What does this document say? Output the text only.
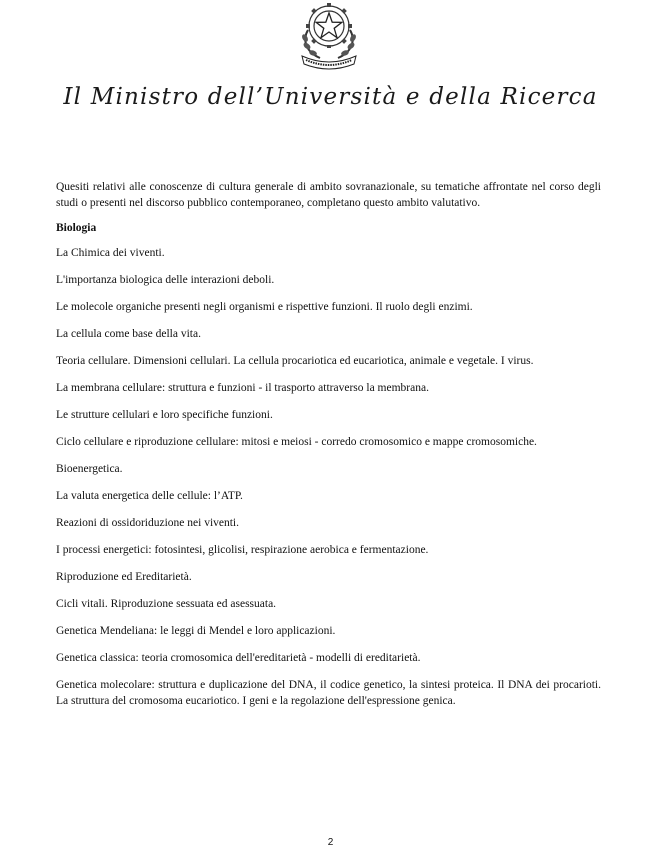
Il Ministro dell’Università e della Ricerca

Quesiti relativi alle conoscenze di cultura generale di ambito sovranazionale, su tematiche affrontate nel corso degli studi o presenti nel discorso pubblico contemporaneo, completano questo ambito valutativo.

Biologia

La Chimica dei viventi.

L'importanza biologica delle interazioni deboli.

Le molecole organiche presenti negli organismi e rispettive funzioni. Il ruolo degli enzimi.

La cellula come base della vita.

Teoria cellulare. Dimensioni cellulari. La cellula procariotica ed eucariotica, animale e vegetale. I virus.

La membrana cellulare: struttura e funzioni - il trasporto attraverso la membrana.

Le strutture cellulari e loro specifiche funzioni.

Ciclo cellulare e riproduzione cellulare: mitosi e meiosi - corredo cromosomico e mappe cromosomiche.

Bioenergetica.

La valuta energetica delle cellule: l’ATP.

Reazioni di ossidoriduzione nei viventi.

I processi energetici: fotosintesi, glicolisi, respirazione aerobica e fermentazione.

Riproduzione ed Ereditarietà.

Cicli vitali. Riproduzione sessuata ed asessuata.

Genetica Mendeliana: le leggi di Mendel e loro applicazioni.

Genetica classica: teoria cromosomica dell'ereditarietà - modelli di ereditarietà.

Genetica molecolare: struttura e duplicazione del DNA, il codice genetico, la sintesi proteica. Il DNA dei procarioti. La struttura del cromosoma eucariotico. I geni e la regolazione dell'espressione genica.

2
